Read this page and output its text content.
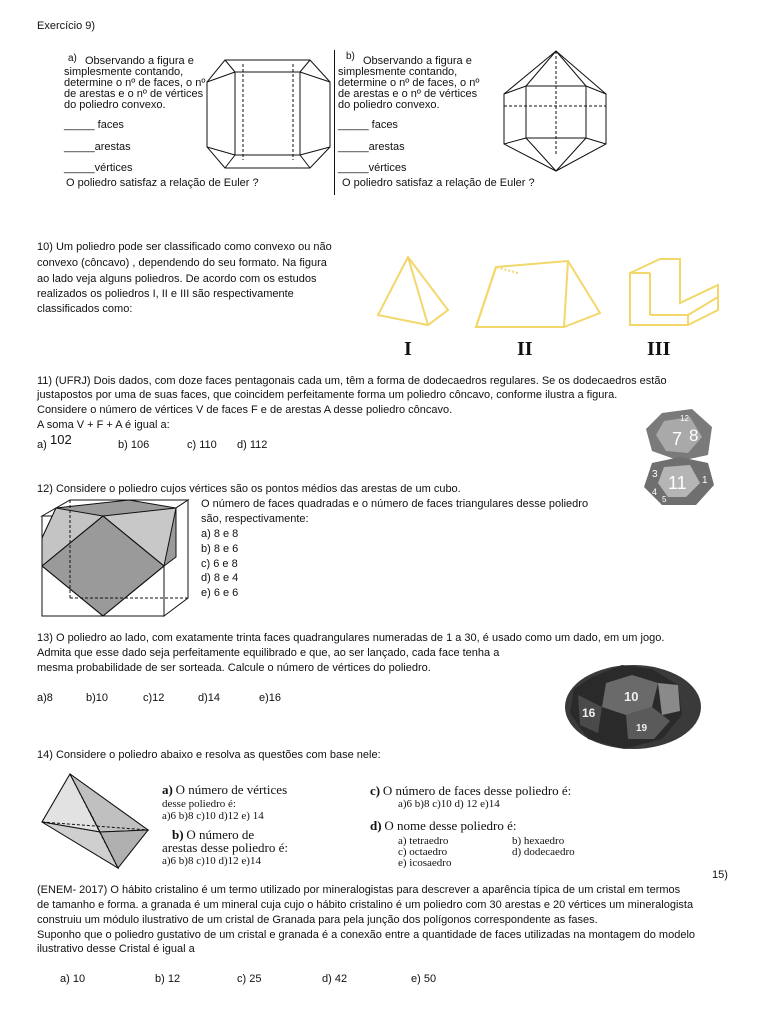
Exercício 9)
a) Observando a figura e
simplesmente contando,
determine o nº de faces, o nº
de arestas e o nº de vértices
do poliedro convexo.
_____ faces
_____arestas
_____vértices
O poliedro satisfaz a relação de Euler ?
b) Observando a figura e
simplesmente contando,
determine o nº de faces, o nº
de arestas e o nº de vértices
do poliedro convexo.
_____ faces
_____arestas
_____vértices
O poliedro satisfaz a relação de Euler ?
10) Um poliedro pode ser classificado como convexo ou não
convexo (côncavo) , dependendo do seu formato. Na figura
ao lado veja alguns poliedros. De acordo com os estudos
realizados os poliedros I, II e III são respectivamente
classificados como:
I	II	III
11) (UFRJ) Dois dados, com doze faces pentagonais cada um, têm a forma de dodecaedros regulares. Se os dodecaedros estão
justapostos por uma de suas faces, que coincidem perfeitamente forma um poliedro côncavo, conforme ilustra a figura.
Considere o número de vértices V de faces F e de arestas A desse poliedro côncavo.
A soma V + F + A é igual a:
a) 102	b) 106	c) 110 d) 112	7 8
12
11
3
4
5
1
12) Considere o poliedro cujos vértices são os pontos médios das arestas de um cubo.
O número de faces quadradas e o número de faces triangulares desse poliedro
são, respectivamente:
a) 8 e 8
b) 8 e 6
c) 6 e 8
d) 8 e 4
e) 6 e 6
13) O poliedro ao lado, com exatamente trinta faces quadrangulares numeradas de 1 a 30, é usado como um dado, em um jogo.
Admita que esse dado seja perfeitamente equilibrado e que, ao ser lançado, cada face tenha a
mesma probabilidade de ser sorteada. Calcule o número de vértices do poliedro.
a)8	b)10	c)12	d)14	e)16	10
16
19
14) Considere o poliedro abaixo e resolva as questões com base nele:
a) O número de vértices
desse poliedro é:
a)6 b)8 c)10 d)12 e) 14
b) O número de
arestas desse poliedro é:
a)6 b)8 c)10 d)12 e)14
c) O número de faces desse poliedro é:
a)6 b)8 c)10 d) 12 e)14
d) O nome desse poliedro é:
a) tetraedro	b) hexaedro
c) octaedro	d) dodecaedro
e) icosaedro
15)
(ENEM- 2017) O hábito cristalino é um termo utilizado por mineralogistas para descrever a aparência típica de um cristal em termos
de tamanho e forma. a granada é um mineral cuja cujo o hábito cristalino é um poliedro com 30 arestas e 20 vértices um mineralogista
construiu um módulo ilustrativo de um cristal de Granada para pela junção dos polígonos correspondente as fases.
Suponho que o poliedro gustativo de um cristal e granada é a conexão entre a quantidade de faces utilizadas na montagem do modelo
ilustrativo desse Cristal é igual a
a) 10	b) 12	c) 25	d) 42	e) 50
